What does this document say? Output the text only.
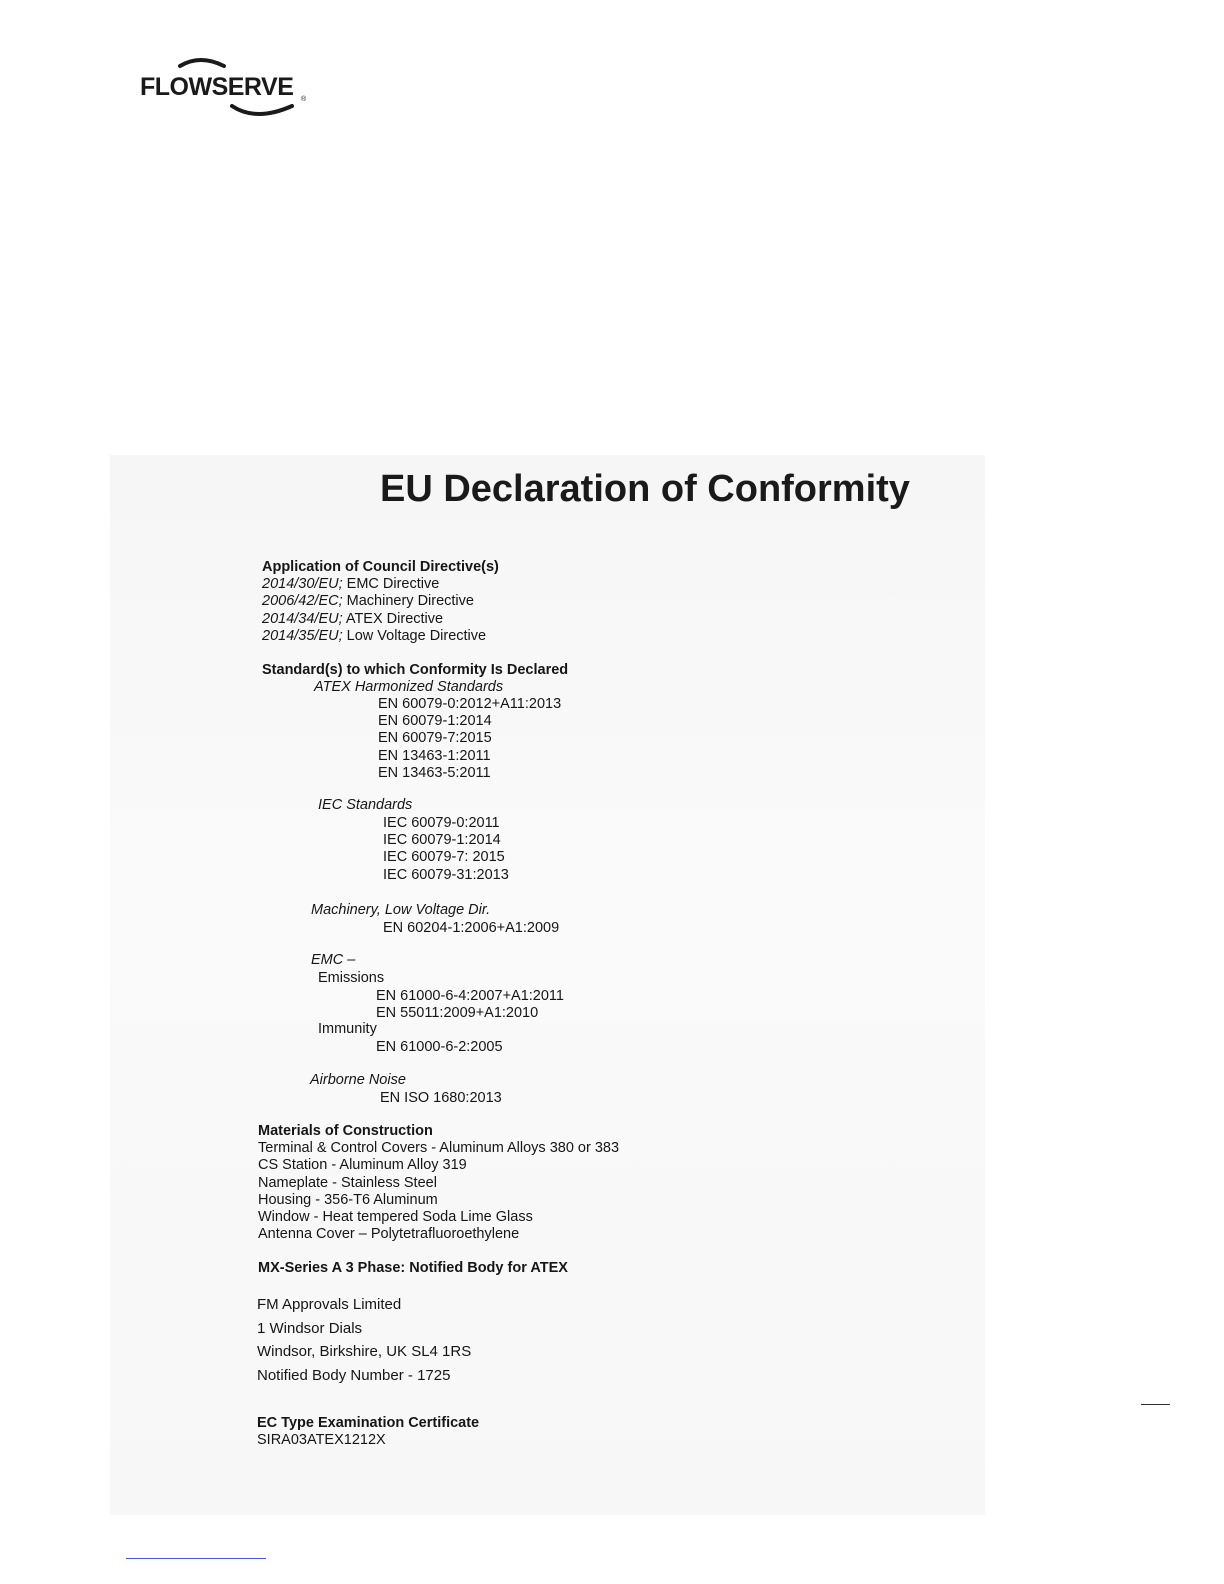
FLOWSERVE ®
EU Declaration of Conformity
Application of Council Directive(s)
2014/30/EU; EMC Directive
2006/42/EC; Machinery Directive
2014/34/EU; ATEX Directive
2014/35/EU; Low Voltage Directive
Standard(s) to which Conformity Is Declared
ATEX Harmonized Standards
EN 60079-0:2012+A11:2013
EN 60079-1:2014
EN 60079-7:2015
EN 13463-1:2011
EN 13463-5:2011
IEC Standards
IEC 60079-0:2011
IEC 60079-1:2014
IEC 60079-7: 2015
IEC 60079-31:2013
Machinery, Low Voltage Dir.
EN 60204-1:2006+A1:2009
EMC –
Emissions
EN 61000-6-4:2007+A1:2011
EN 55011:2009+A1:2010
Immunity
EN 61000-6-2:2005
Airborne Noise
EN ISO 1680:2013
Materials of Construction
Terminal & Control Covers - Aluminum Alloys 380 or 383
CS Station - Aluminum Alloy 319
Nameplate - Stainless Steel
Housing - 356-T6 Aluminum
Window - Heat tempered Soda Lime Glass
Antenna Cover – Polytetrafluoroethylene
MX-Series A 3 Phase: Notified Body for ATEX
FM Approvals Limited
1 Windsor Dials
Windsor, Birkshire, UK SL4 1RS
Notified Body Number - 1725
EC Type Examination Certificate
SIRA03ATEX1212X
